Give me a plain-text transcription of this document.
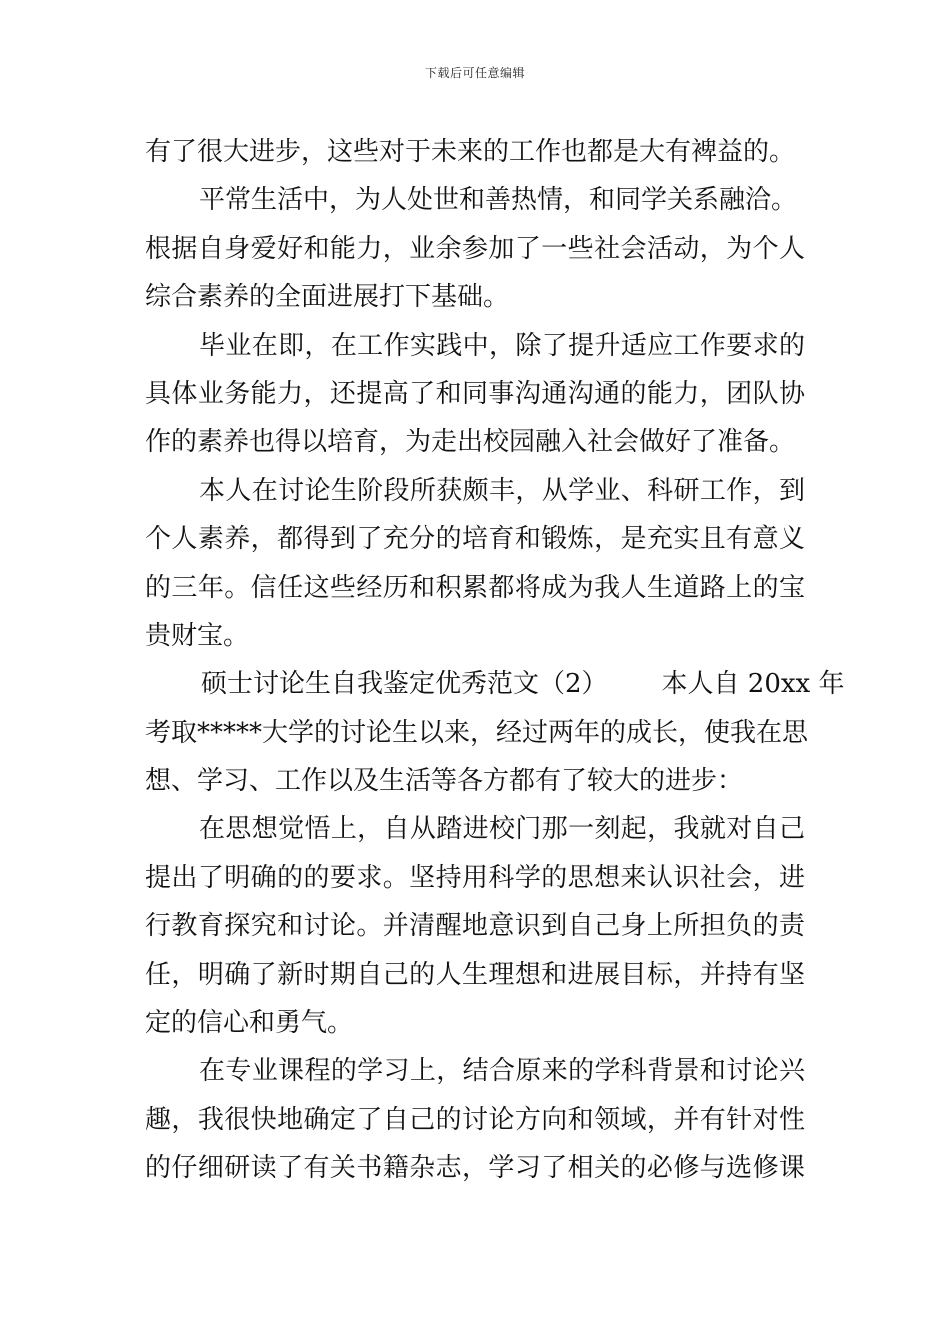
下载后可任意编辑
有了很大进步，这些对于未来的工作也都是大有裨益的。
平常生活中，为人处世和善热情，和同学关系融洽。
根据自身爱好和能力，业余参加了一些社会活动，为个人
综合素养的全面进展打下基础。
毕业在即，在工作实践中，除了提升适应工作要求的
具体业务能力，还提高了和同事沟通沟通的能力，团队协
作的素养也得以培育，为走出校园融入社会做好了准备。
本人在讨论生阶段所获颇丰，从学业、科研工作，到
个人素养，都得到了充分的培育和锻炼，是充实且有意义
的三年。信任这些经历和积累都将成为我人生道路上的宝
贵财宝。
硕士讨论生自我鉴定优秀范文（2） 本人自 20xx 年
考取*****大学的讨论生以来，经过两年的成长，使我在思
想、学习、工作以及生活等各方都有了较大的进步：
在思想觉悟上，自从踏进校门那一刻起，我就对自己
提出了明确的的要求。坚持用科学的思想来认识社会，进
行教育探究和讨论。并清醒地意识到自己身上所担负的责
任，明确了新时期自己的人生理想和进展目标，并持有坚
定的信心和勇气。
在专业课程的学习上，结合原来的学科背景和讨论兴
趣，我很快地确定了自己的讨论方向和领域，并有针对性
的仔细研读了有关书籍杂志，学习了相关的必修与选修课
